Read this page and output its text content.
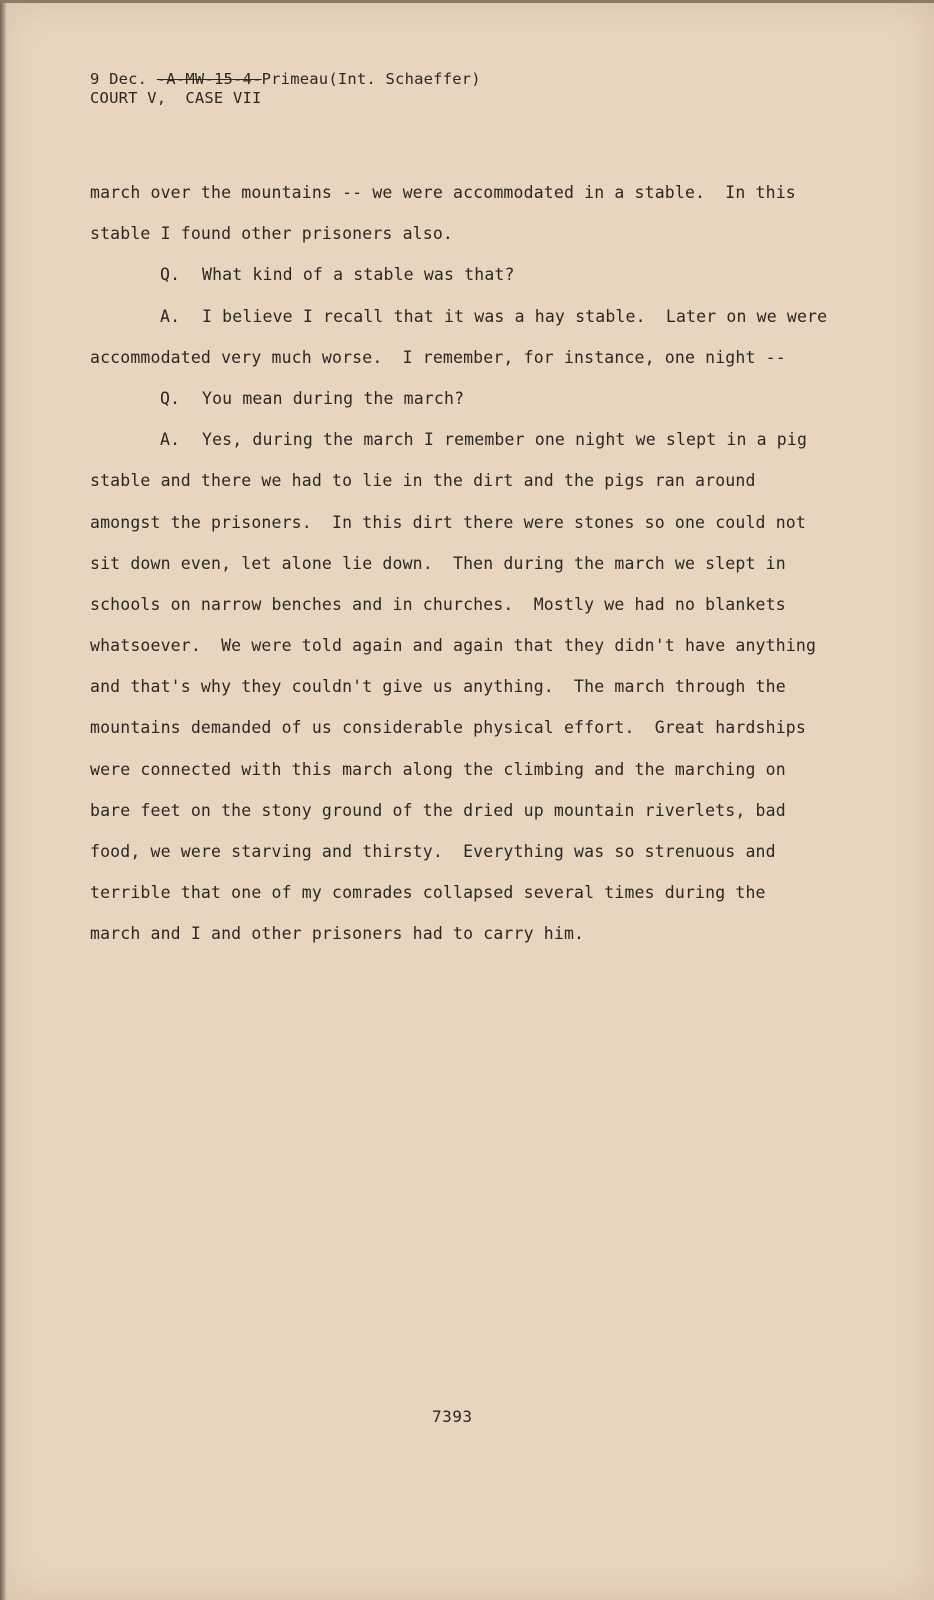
9 Dec. -A-MW-15-4-Primeau(Int. Schaeffer)
COURT V,  CASE VII
march over the mountains -- we were accommodated in a stable.  In this
stable I found other prisoners also.
Q. What kind of a stable was that?
A. I believe I recall that it was a hay stable.  Later on we were
accommodated very much worse.  I remember, for instance, one night --
Q. You mean during the march?
A. Yes, during the march I remember one night we slept in a pig
stable and there we had to lie in the dirt and the pigs ran around
amongst the prisoners.  In this dirt there were stones so one could not
sit down even, let alone lie down.  Then during the march we slept in
schools on narrow benches and in churches.  Mostly we had no blankets
whatsoever.  We were told again and again that they didn't have anything
and that's why they couldn't give us anything.  The march through the
mountains demanded of us considerable physical effort.  Great hardships
were connected with this march along the climbing and the marching on
bare feet on the stony ground of the dried up mountain riverlets, bad
food, we were starving and thirsty.  Everything was so strenuous and
terrible that one of my comrades collapsed several times during the
march and I and other prisoners had to carry him.
7393
